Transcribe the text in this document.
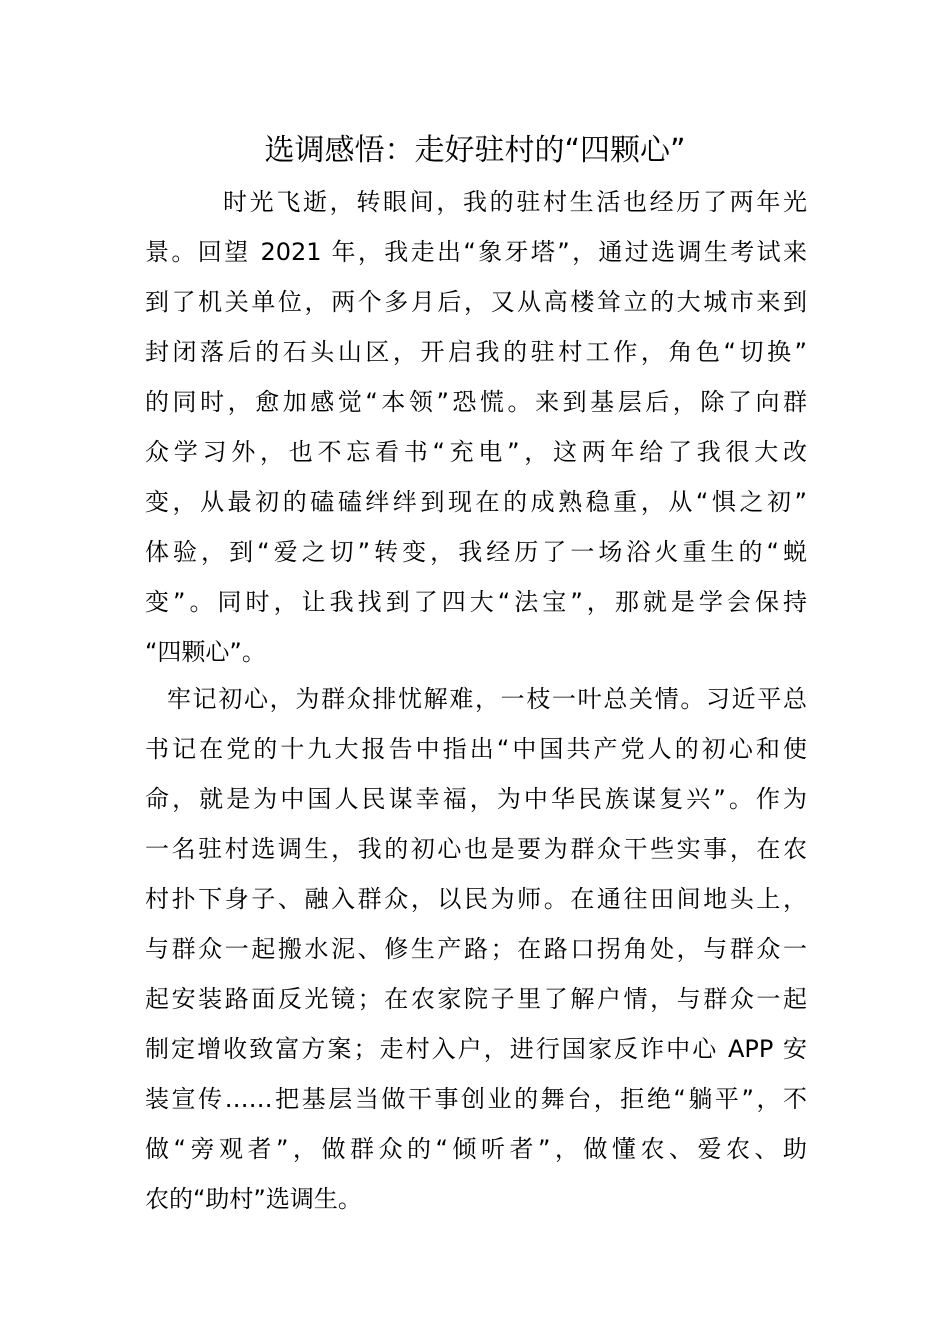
选调感悟：走好驻村的“四颗心”
时光飞逝，转眼间，我的驻村生活也经历了两年光
景。回望 2021 年，我走出“象牙塔”，通过选调生考试来
到了机关单位，两个多月后，又从高楼耸立的大城市来到
封闭落后的石头山区，开启我的驻村工作，角色“切换”
的同时，愈加感觉“本领”恐慌。来到基层后，除了向群
众学习外，也不忘看书“充电”，这两年给了我很大改
变，从最初的磕磕绊绊到现在的成熟稳重，从“惧之初”
体验，到“爱之切”转变，我经历了一场浴火重生的“蜕
变”。同时，让我找到了四大“法宝”，那就是学会保持
“四颗心”。
牢记初心，为群众排忧解难，一枝一叶总关情。习近平总
书记在党的十九大报告中指出“中国共产党人的初心和使
命，就是为中国人民谋幸福，为中华民族谋复兴”。作为
一名驻村选调生，我的初心也是要为群众干些实事，在农
村扑下身子、融入群众，以民为师。在通往田间地头上，
与群众一起搬水泥、修生产路；在路口拐角处，与群众一
起安装路面反光镜；在农家院子里了解户情，与群众一起
制定增收致富方案；走村入户，进行国家反诈中心 APP 安
装宣传……把基层当做干事创业的舞台，拒绝“躺平”，不
做“旁观者”，做群众的“倾听者”，做懂农、爱农、助
农的“助村”选调生。
